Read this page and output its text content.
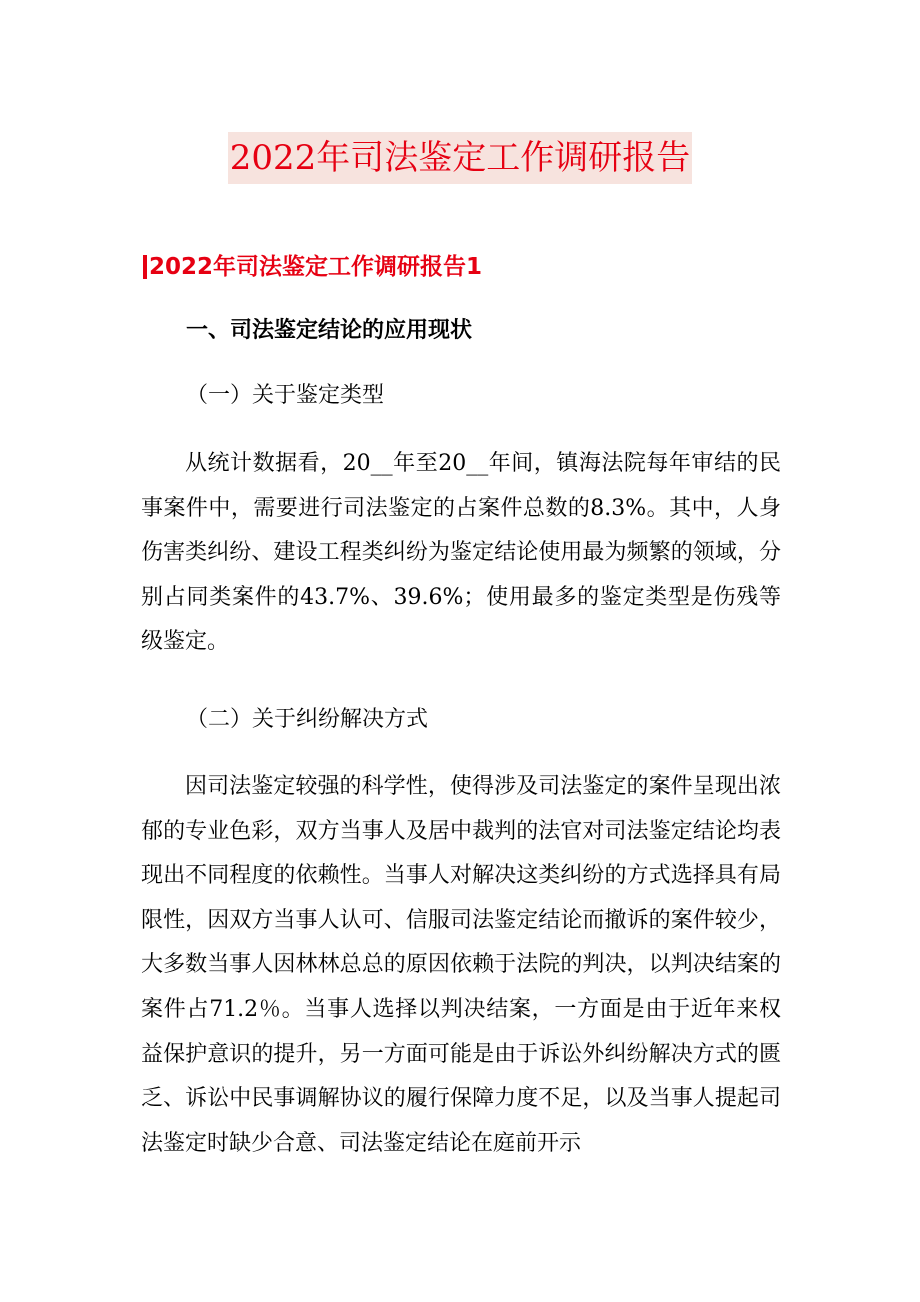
2022年司法鉴定工作调研报告
2022年司法鉴定工作调研报告1
一、司法鉴定结论的应用现状
（一）关于鉴定类型
从统计数据看，20__年至20__年间，镇海法院每年审结的民事案件中，需要进行司法鉴定的占案件总数的8.3%。其中，人身伤害类纠纷、建设工程类纠纷为鉴定结论使用最为频繁的领域，分别占同类案件的43.7%、39.6%；使用最多的鉴定类型是伤残等级鉴定。
（二）关于纠纷解决方式
因司法鉴定较强的科学性，使得涉及司法鉴定的案件呈现出浓郁的专业色彩，双方当事人及居中裁判的法官对司法鉴定结论均表现出不同程度的依赖性。当事人对解决这类纠纷的方式选择具有局限性，因双方当事人认可、信服司法鉴定结论而撤诉的案件较少，大多数当事人因林林总总的原因依赖于法院的判决，以判决结案的案件占71.2％。当事人选择以判决结案，一方面是由于近年来权益保护意识的提升，另一方面可能是由于诉讼外纠纷解决方式的匮乏、诉讼中民事调解协议的履行保障力度不足，以及当事人提起司法鉴定时缺少合意、司法鉴定结论在庭前开示
